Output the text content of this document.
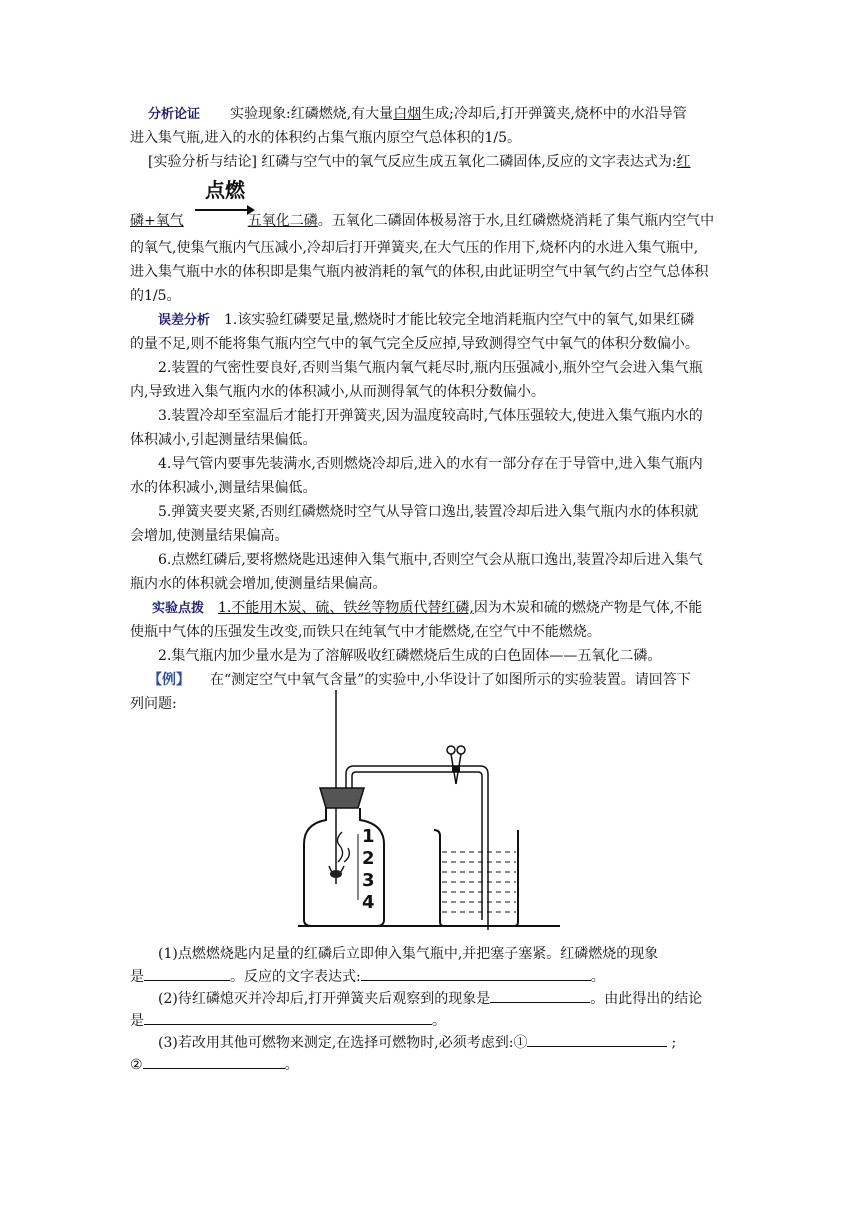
分析论证 实验现象:红磷燃烧,有大量白烟生成;冷却后,打开弹簧夹,烧杯中的水沿导管
进入集气瓶,进入的水的体积约占集气瓶内原空气总体积的1/5。
[实验分析与结论] 红磷与空气中的氧气反应生成五氧化二磷固体,反应的文字表达式为:红
点燃
磷+氧气	五氧化二磷。五氧化二磷固体极易溶于水,且红磷燃烧消耗了集气瓶内空气中
的氧气,使集气瓶内气压减小,冷却后打开弹簧夹,在大气压的作用下,烧杯内的水进入集气瓶中,
进入集气瓶中水的体积即是集气瓶内被消耗的氧气的体积,由此证明空气中氧气约占空气总体积
的1/5。
误差分析 1.该实验红磷要足量,燃烧时才能比较完全地消耗瓶内空气中的氧气,如果红磷
的量不足,则不能将集气瓶内空气中的氧气完全反应掉,导致测得空气中氧气的体积分数偏小。
2.装置的气密性要良好,否则当集气瓶内氧气耗尽时,瓶内压强减小,瓶外空气会进入集气瓶
内,导致进入集气瓶内水的体积减小,从而测得氧气的体积分数偏小。
3.装置冷却至室温后才能打开弹簧夹,因为温度较高时,气体压强较大,使进入集气瓶内水的
体积减小,引起测量结果偏低。
4.导气管内要事先装满水,否则燃烧冷却后,进入的水有一部分存在于导管中,进入集气瓶内
水的体积减小,测量结果偏低。
5.弹簧夹要夹紧,否则红磷燃烧时空气从导管口逸出,装置冷却后进入集气瓶内水的体积就
会增加,使测量结果偏高。
6.点燃红磷后,要将燃烧匙迅速伸入集气瓶中,否则空气会从瓶口逸出,装置冷却后进入集气
瓶内水的体积就会增加,使测量结果偏高。
实验点拨 1.不能用木炭、硫、铁丝等物质代替红磷,因为木炭和硫的燃烧产物是气体,不能
使瓶中气体的压强发生改变,而铁只在纯氧气中才能燃烧,在空气中不能燃烧。
2.集气瓶内加少量水是为了溶解吸收红磷燃烧后生成的白色固体——五氧化二磷。
【例】 在“测定空气中氧气含量”的实验中,小华设计了如图所示的实验装置。请回答下
列问题:
1
2
3
4
(1)点燃燃烧匙内足量的红磷后立即伸入集气瓶中,并把塞子塞紧。红磷燃烧的现象
是	。反应的文字表达式:	。
(2)待红磷熄灭并冷却后,打开弹簧夹后观察到的现象是	。由此得出的结论
是	。
(3)若改用其他可燃物来测定,在选择可燃物时,必须考虑到:①	;
②	。
